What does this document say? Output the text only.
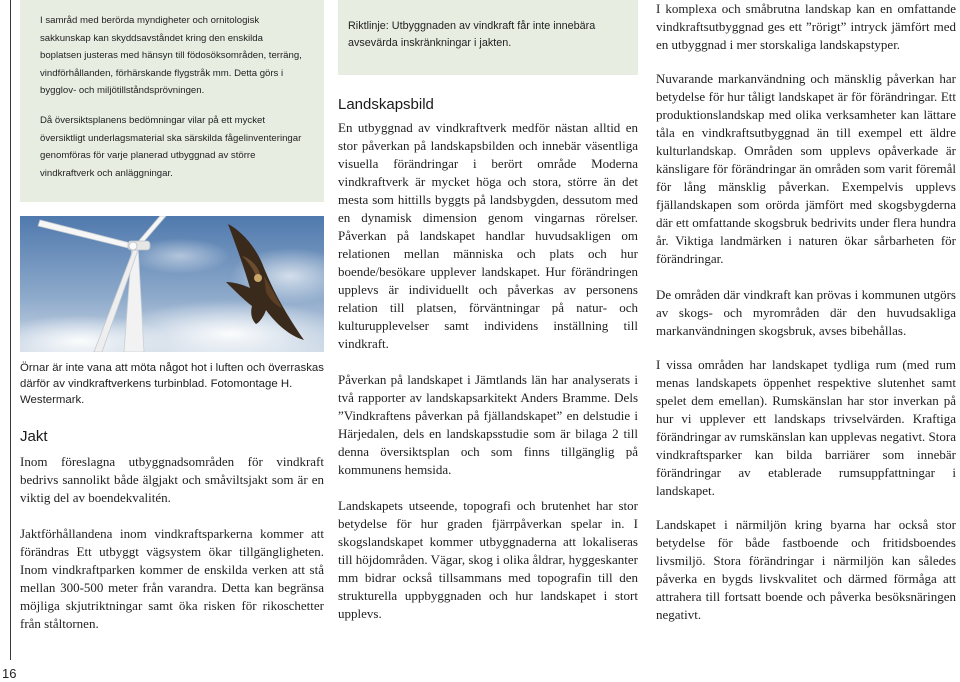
16

I samråd med berörda myndigheter och ornitologisk sakkunskap kan skyddsavståndet kring den enskilda boplatsen justeras med hänsyn till födosöksområden, terräng, vindförhållanden, förhärskande flygstråk mm. Detta görs i bygglov- och miljötillståndsprövningen.

Då översiktsplanens bedömningar vilar på ett mycket översiktligt underlagsmaterial ska särskilda fågelinventeringar genomföras för varje planerad utbyggnad av större vindkraftverk och anläggningar.

Örnar är inte vana att möta något hot i luften och överraskas därför av vindkraftverkens turbinblad. Fotomontage H. Westermark.
Jakt

Inom föreslagna utbyggnadsområden för vindkraft bedrivs sannolikt både älgjakt och småviltsjakt som är en viktig del av boendekvalitén.

Jaktförhållandena inom vindkraftsparkerna kommer att förändras Ett utbyggt vägsystem ökar tillgängligheten. Inom vindkraftparken kommer de enskilda verken att stå mellan 300-500 meter från varandra. Detta kan begränsa möjliga skjutriktningar samt öka risken för rikoschetter från ståltornen.

Riktlinje: Utbyggnaden av vindkraft får inte innebära avsevärda inskränkningar i jakten.

Landskapsbild

En utbyggnad av vindkraftverk medför nästan alltid en stor påverkan på landskapsbilden och innebär väsentliga visuella förändringar i berört område Moderna vindkraftverk är mycket höga och stora, större än det mesta som hittills byggts på landsbygden, dessutom med en dynamisk dimension genom vingarnas rörelser. Påverkan på landskapet handlar huvudsakligen om relationen mellan människa och plats och hur boende/besökare upplever landskapet. Hur förändringen upplevs är individuellt och påverkas av personens relation till platsen, förväntningar på natur- och kulturupplevelser samt individens inställning till vindkraft.

Påverkan på landskapet i Jämtlands län har analyserats i två rapporter av landskapsarkitekt Anders Bramme. Dels ”Vindkraftens påverkan på fjällandskapet” en delstudie i Härjedalen, dels en landskapsstudie som är bilaga 2 till denna översiktsplan och som finns tillgänglig på kommunens hemsida.

Landskapets utseende, topografi och brutenhet har stor betydelse för hur graden fjärrpåverkan spelar in. I skogslandskapet kommer utbyggnaderna att lokaliseras till höjdområden. Vägar, skog i olika åldrar, hyggeskanter mm bidrar också tillsammans med topografin till den strukturella uppbyggnaden och hur landskapet i stort upplevs.

I komplexa och småbrutna landskap kan en omfattande vindkraftsutbyggnad ges ett ”rörigt” intryck jämfört med en utbyggnad i mer storskaliga landskapstyper.

Nuvarande markanvändning och mänsklig påverkan har betydelse för hur tåligt landskapet är för förändringar. Ett produktionslandskap med olika verksamheter kan lättare tåla en vindkraftsutbyggnad än till exempel ett äldre kulturlandskap. Områden som upplevs opåverkade är känsligare för förändringar än områden som varit föremål för lång mänsklig påverkan. Exempelvis upplevs fjällandskapen som orörda jämfört med skogsbygderna där ett omfattande skogsbruk bedrivits under flera hundra år. Viktiga landmärken i naturen ökar sårbarheten för förändringar.

De områden där vindkraft kan prövas i kommunen utgörs av skogs- och myrområden där den huvudsakliga markanvändningen skogsbruk, avses bibehållas.

I vissa områden har landskapet tydliga rum (med rum menas landskapets öppenhet respektive slutenhet samt spelet dem emellan). Rumskänslan har stor inverkan på hur vi upplever ett landskaps trivselvärden. Kraftiga förändringar av rumskänslan kan upplevas negativt. Stora vindkraftsparker kan bilda barriärer som innebär förändringar av etablerade rumsuppfattningar i landskapet.

Landskapet i närmiljön kring byarna har också stor betydelse för både fastboende och fritidsboendes livsmiljö. Stora förändringar i närmiljön kan således påverka en bygds livskvalitet och därmed förmåga att attrahera till fortsatt boende och påverka besöksnäringen negativt.
